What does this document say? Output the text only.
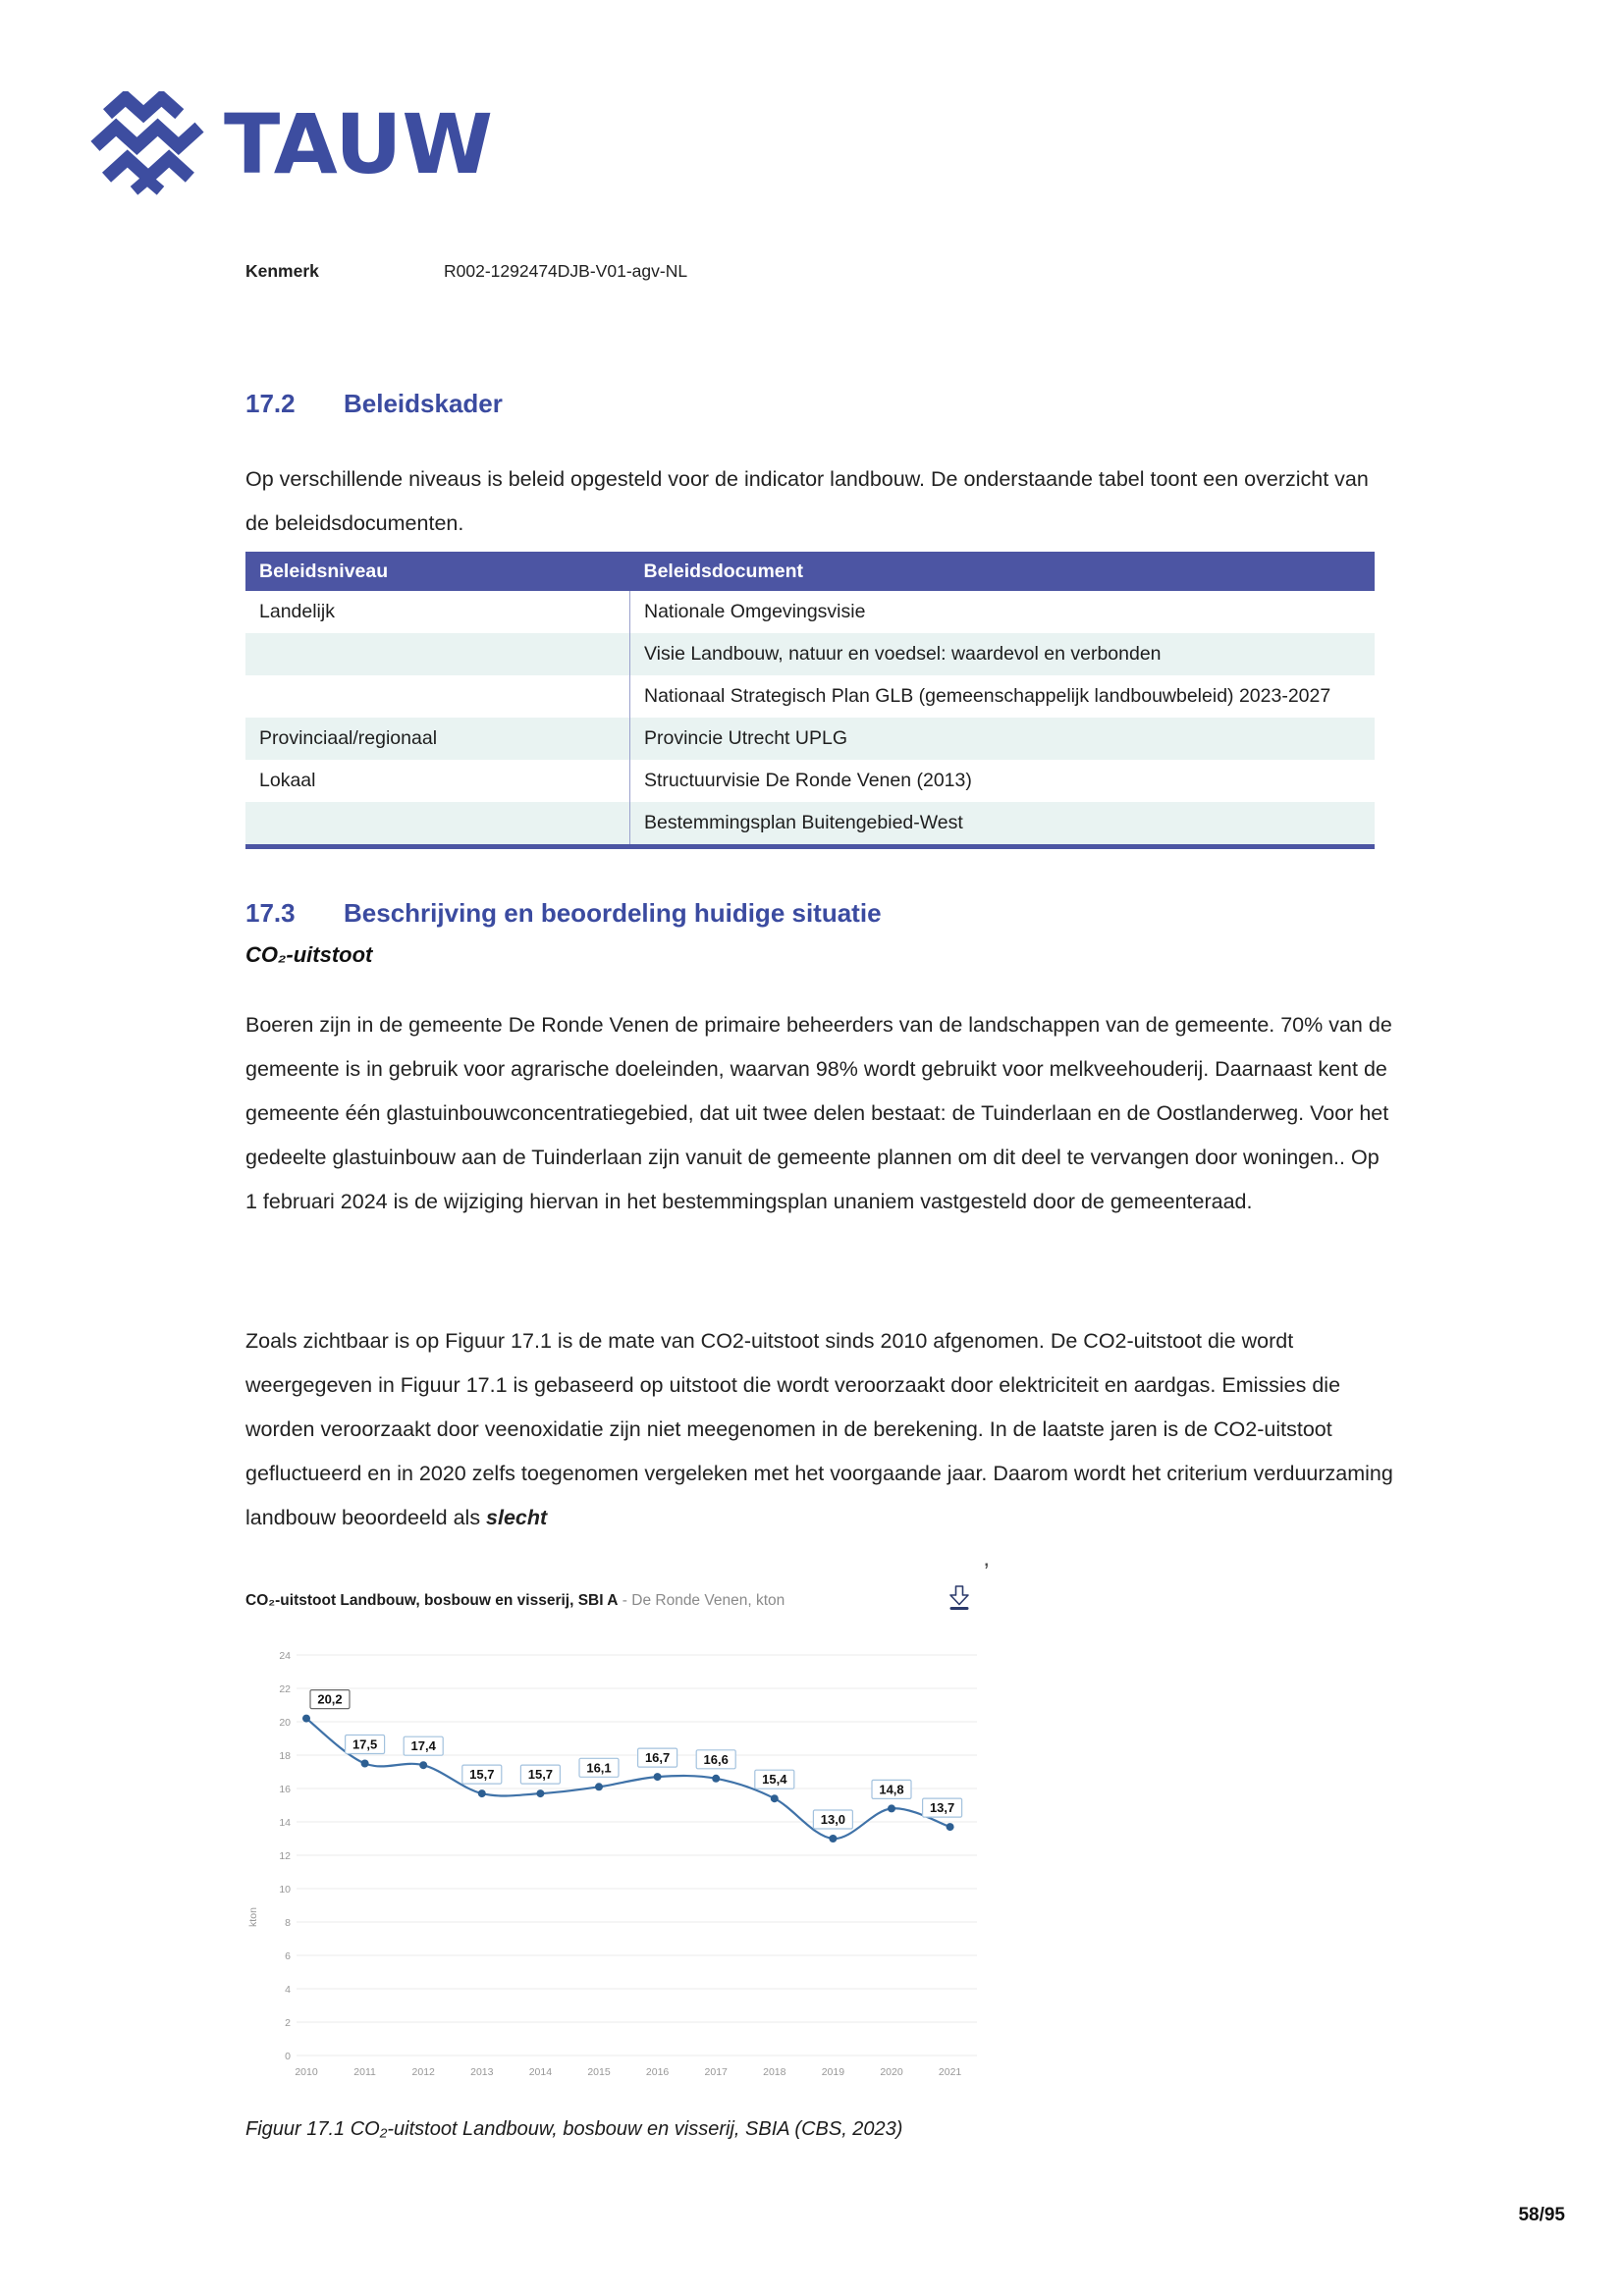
TAUW
Kenmerk	R002-1292474DJB-V01-agv-NL
17.2	Beleidskader

Op verschillende niveaus is beleid opgesteld voor de indicator landbouw. De onderstaande tabel toont een overzicht van de beleidsdocumenten.

Beleidsniveau	Beleidsdocument
Landelijk	Nationale Omgevingsvisie
	Visie Landbouw, natuur en voedsel: waardevol en verbonden
	Nationaal Strategisch Plan GLB (gemeenschappelijk landbouwbeleid) 2023-2027
Provinciaal/regionaal	Provincie Utrecht UPLG
Lokaal	Structuurvisie De Ronde Venen (2013)
	Bestemmingsplan Buitengebied-West
17.3	Beschrijving en beoordeling huidige situatie
CO₂-uitstoot

Boeren zijn in de gemeente De Ronde Venen de primaire beheerders van de landschappen van de gemeente. 70% van de gemeente is in gebruik voor agrarische doeleinden, waarvan 98% wordt gebruikt voor melkveehouderij. Daarnaast kent de gemeente één glastuinbouwconcentratiegebied, dat uit twee delen bestaat: de Tuinderlaan en de Oostlanderweg. Voor het gedeelte glastuinbouw aan de Tuinderlaan zijn vanuit de gemeente plannen om dit deel te vervangen door woningen.. Op 1 februari 2024 is de wijziging hiervan in het bestemmingsplan unaniem vastgesteld door de gemeenteraad.

Zoals zichtbaar is op Figuur 17.1 is de mate van CO2-uitstoot sinds 2010 afgenomen. De CO2-uitstoot die wordt weergegeven in Figuur 17.1 is gebaseerd op uitstoot die wordt veroorzaakt door elektriciteit en aardgas. Emissies die worden veroorzaakt door veenoxidatie zijn niet meegenomen in de berekening. In de laatste jaren is de CO2-uitstoot gefluctueerd en in 2020 zelfs toegenomen vergeleken met het voorgaande jaar. Daarom wordt het criterium verduurzaming landbouw beoordeeld als slecht

CO₂-uitstoot Landbouw, bosbouw en visserij, SBI A - De Ronde Venen, kton
’
0
2
4
6
8
10
12
14
16
18
20
22
24
2010	2011	2012	2013	2014	2015	2016	2017	2018	2019	2020	2021
20,2
17,5	17,4
15,7	15,7	16,1
16,7	16,6
15,4
13,0
14,8
13,7
kton
Figuur 17.1 CO₂-uitstoot Landbouw, bosbouw en visserij, SBIA (CBS, 2023)
58/95
